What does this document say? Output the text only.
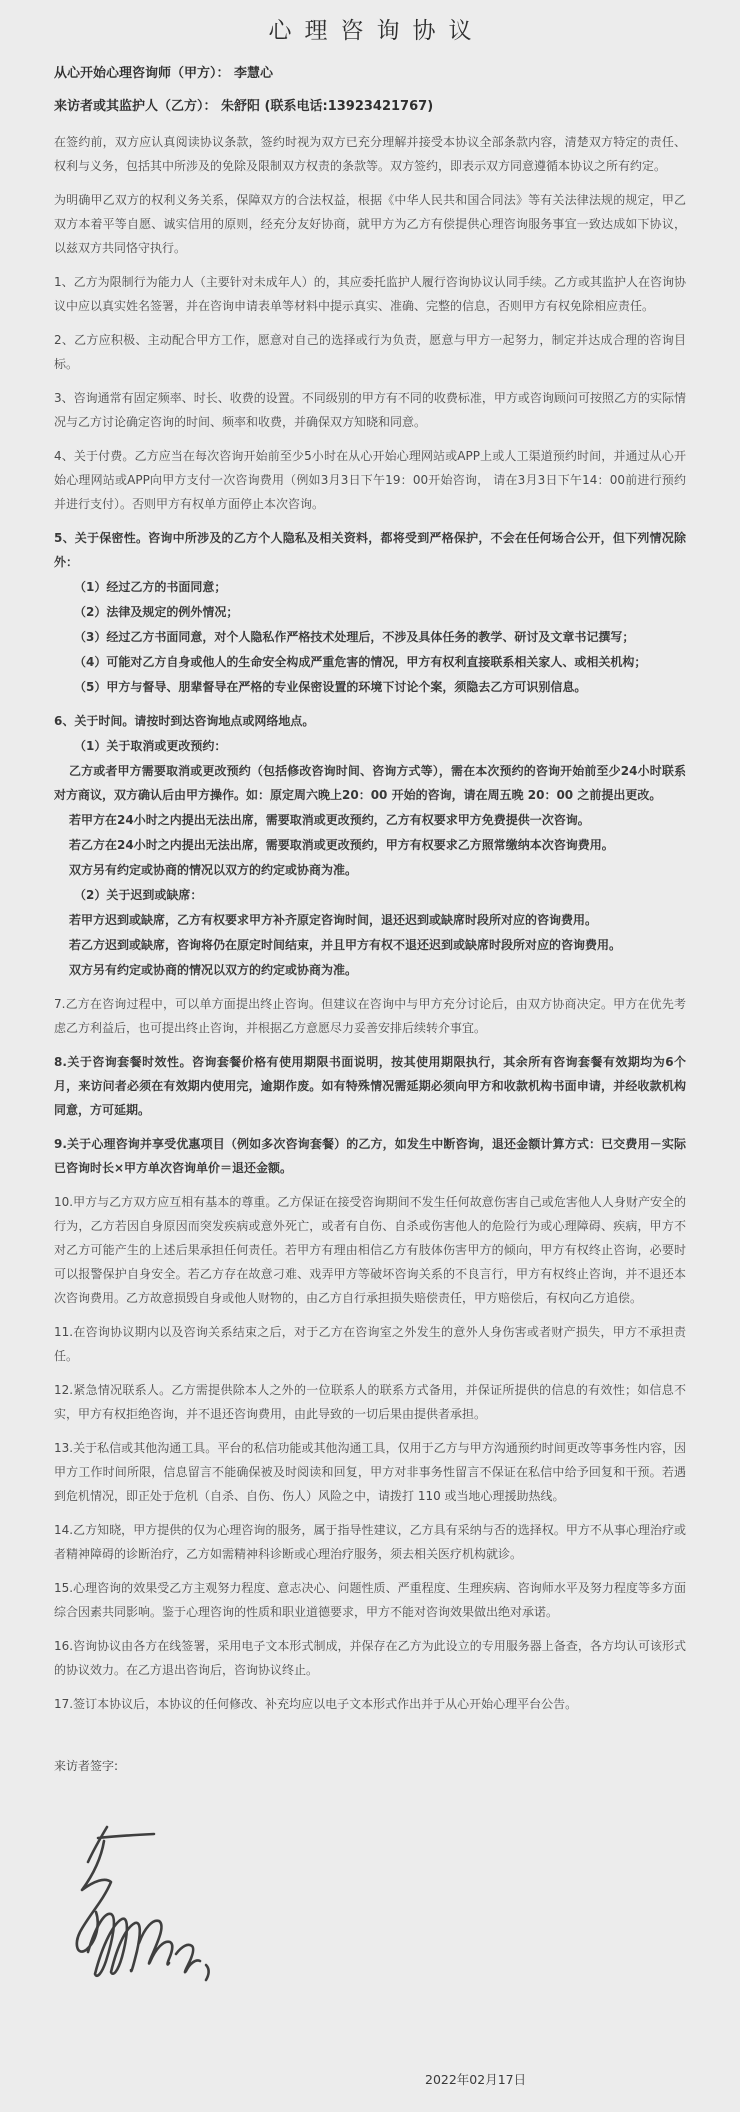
心理咨询协议
从心开始心理咨询师（甲方）： 李慧心
来访者或其监护人（乙方）： 朱舒阳 (联系电话:13923421767)

在签约前，双方应认真阅读协议条款，签约时视为双方已充分理解并接受本协议全部条款内容，清楚双方特定的责任、权利与义务，包括其中所涉及的免除及限制双方权责的条款等。双方签约，即表示双方同意遵循本协议之所有约定。

为明确甲乙双方的权利义务关系，保障双方的合法权益，根据《中华人民共和国合同法》等有关法律法规的规定，甲乙双方本着平等自愿、诚实信用的原则，经充分友好协商，就甲方为乙方有偿提供心理咨询服务事宜一致达成如下协议，以兹双方共同恪守执行。

1、乙方为限制行为能力人（主要针对未成年人）的，其应委托监护人履行咨询协议认同手续。乙方或其监护人在咨询协议中应以真实姓名签署，并在咨询申请表单等材料中提示真实、准确、完整的信息，否则甲方有权免除相应责任。

2、乙方应积极、主动配合甲方工作，愿意对自己的选择或行为负责，愿意与甲方一起努力，制定并达成合理的咨询目标。

3、咨询通常有固定频率、时长、收费的设置。不同级别的甲方有不同的收费标准，甲方或咨询顾问可按照乙方的实际情况与乙方讨论确定咨询的时间、频率和收费，并确保双方知晓和同意。

4、关于付费。乙方应当在每次咨询开始前至少5小时在从心开始心理网站或APP上或人工渠道预约时间，并通过从心开始心理网站或APP向甲方支付一次咨询费用（例如3月3日下午19：00开始咨询， 请在3月3日下午14：00前进行预约并进行支付）。否则甲方有权单方面停止本次咨询。

5、关于保密性。咨询中所涉及的乙方个人隐私及相关资料，都将受到严格保护，不会在任何场合公开，但下列情况除外：

（1）经过乙方的书面同意；

（2）法律及规定的例外情况；

（3）经过乙方书面同意，对个人隐私作严格技术处理后，不涉及具体任务的教学、研讨及文章书记撰写；

（4）可能对乙方自身或他人的生命安全构成严重危害的情况，甲方有权利直接联系相关家人、或相关机构；

（5）甲方与督导、朋辈督导在严格的专业保密设置的环境下讨论个案，须隐去乙方可识别信息。

6、关于时间。请按时到达咨询地点或网络地点。

（1）关于取消或更改预约：

乙方或者甲方需要取消或更改预约（包括修改咨询时间、咨询方式等），需在本次预约的咨询开始前至少24小时联系对方商议，双方确认后由甲方操作。如：原定周六晚上20：00 开始的咨询，请在周五晚 20：00 之前提出更改。

若甲方在24小时之内提出无法出席，需要取消或更改预约，乙方有权要求甲方免费提供一次咨询。

若乙方在24小时之内提出无法出席，需要取消或更改预约，甲方有权要求乙方照常缴纳本次咨询费用。

双方另有约定或协商的情况以双方的约定或协商为准。

（2）关于迟到或缺席：

若甲方迟到或缺席，乙方有权要求甲方补齐原定咨询时间，退还迟到或缺席时段所对应的咨询费用。

若乙方迟到或缺席，咨询将仍在原定时间结束，并且甲方有权不退还迟到或缺席时段所对应的咨询费用。

双方另有约定或协商的情况以双方的约定或协商为准。

7.乙方在咨询过程中，可以单方面提出终止咨询。但建议在咨询中与甲方充分讨论后，由双方协商决定。甲方在优先考虑乙方利益后，也可提出终止咨询，并根据乙方意愿尽力妥善安排后续转介事宜。

8.关于咨询套餐时效性。咨询套餐价格有使用期限书面说明，按其使用期限执行，其余所有咨询套餐有效期均为6个月，来访问者必须在有效期内使用完，逾期作废。如有特殊情况需延期必须向甲方和收款机构书面申请，并经收款机构同意，方可延期。

9.关于心理咨询并享受优惠项目（例如多次咨询套餐）的乙方，如发生中断咨询，退还金额计算方式：已交费用－实际已咨询时长×甲方单次咨询单价＝退还金额。

10.甲方与乙方双方应互相有基本的尊重。乙方保证在接受咨询期间不发生任何故意伤害自己或危害他人人身财产安全的行为，乙方若因自身原因而突发疾病或意外死亡，或者有自伤、自杀或伤害他人的危险行为或心理障碍、疾病，甲方不对乙方可能产生的上述后果承担任何责任。若甲方有理由相信乙方有肢体伤害甲方的倾向，甲方有权终止咨询，必要时可以报警保护自身安全。若乙方存在故意刁难、戏弄甲方等破坏咨询关系的不良言行，甲方有权终止咨询，并不退还本次咨询费用。乙方故意损毁自身或他人财物的，由乙方自行承担损失赔偿责任，甲方赔偿后，有权向乙方追偿。

11.在咨询协议期内以及咨询关系结束之后，对于乙方在咨询室之外发生的意外人身伤害或者财产损失，甲方不承担责任。

12.紧急情况联系人。乙方需提供除本人之外的一位联系人的联系方式备用，并保证所提供的信息的有效性；如信息不实，甲方有权拒绝咨询，并不退还咨询费用，由此导致的一切后果由提供者承担。

13.关于私信或其他沟通工具。平台的私信功能或其他沟通工具，仅用于乙方与甲方沟通预约时间更改等事务性内容，因甲方工作时间所限，信息留言不能确保被及时阅读和回复，甲方对非事务性留言不保证在私信中给予回复和干预。若遇到危机情况，即正处于危机（自杀、自伤、伤人）风险之中，请拨打 110 或当地心理援助热线。

14.乙方知晓，甲方提供的仅为心理咨询的服务，属于指导性建议，乙方具有采纳与否的选择权。甲方不从事心理治疗或者精神障碍的诊断治疗，乙方如需精神科诊断或心理治疗服务，须去相关医疗机构就诊。

15.心理咨询的效果受乙方主观努力程度、意志决心、问题性质、严重程度、生理疾病、咨询师水平及努力程度等多方面综合因素共同影响。鉴于心理咨询的性质和职业道德要求，甲方不能对咨询效果做出绝对承诺。

16.咨询协议由各方在线签署，采用电子文本形式制成，并保存在乙方为此设立的专用服务器上备查，各方均认可该形式的协议效力。在乙方退出咨询后，咨询协议终止。

17.签订本协议后，本协议的任何修改、补充均应以电子文本形式作出并于从心开始心理平台公告。

来访者签字:
2022年02月17日
